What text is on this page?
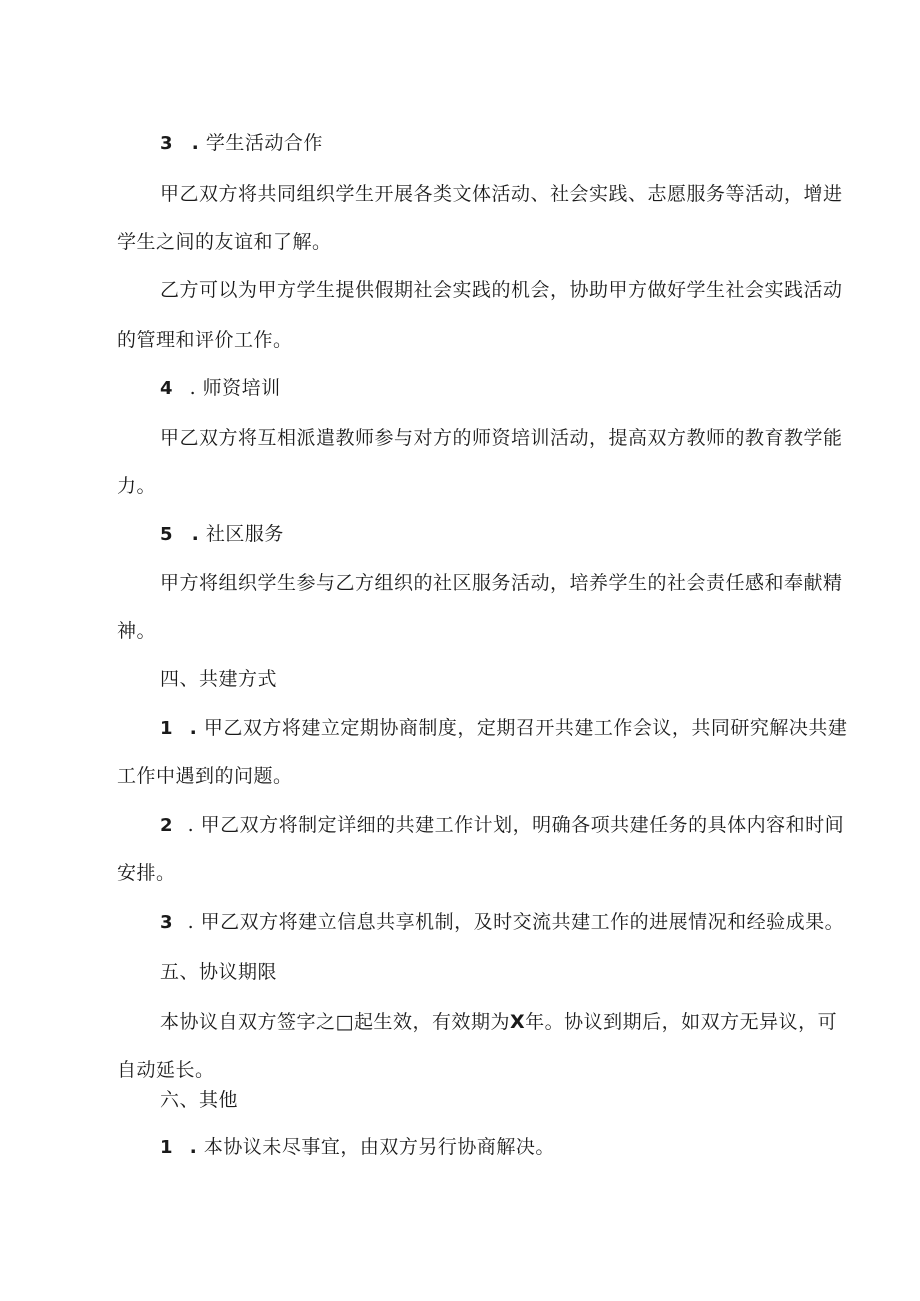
3 . 学生活动合作
甲乙双方将共同组织学生开展各类文体活动、社会实践、志愿服务等活动，增进
学生之间的友谊和了解。
乙方可以为甲方学生提供假期社会实践的机会，协助甲方做好学生社会实践活动
的管理和评价工作。
4 . 师资培训
甲乙双方将互相派遣教师参与对方的师资培训活动，提高双方教师的教育教学能
力。
5 . 社区服务
甲方将组织学生参与乙方组织的社区服务活动，培养学生的社会责任感和奉献精
神。
四、共建方式
1 . 甲乙双方将建立定期协商制度，定期召开共建工作会议，共同研究解决共建
工作中遇到的问题。
2 . 甲乙双方将制定详细的共建工作计划，明确各项共建任务的具体内容和时间
安排。
3 . 甲乙双方将建立信息共享机制，及时交流共建工作的进展情况和经验成果。
五、协议期限
本协议自双方签字之□起生效，有效期为X年。协议到期后，如双方无异议，可
自动延长。
六、其他
1 . 本协议未尽事宜，由双方另行协商解决。
